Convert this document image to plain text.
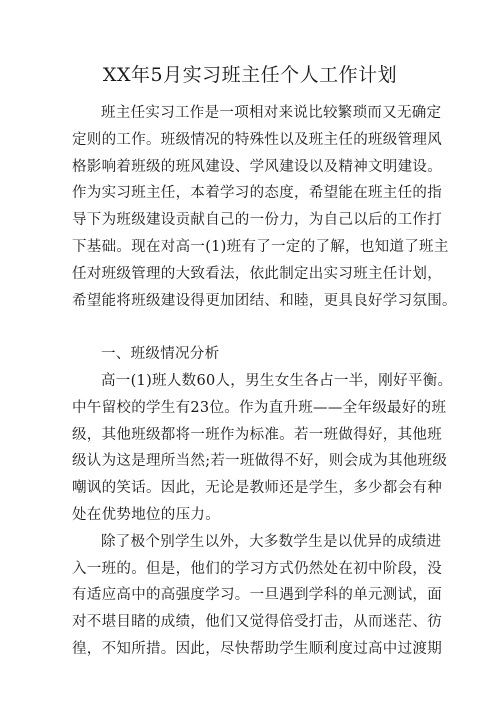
XX年5月实习班主任个人工作计划
班主任实习工作是一项相对来说比较繁琐而又无确定
定则的工作。班级情况的特殊性以及班主任的班级管理风
格影响着班级的班风建设、学风建设以及精神文明建设。
作为实习班主任，本着学习的态度，希望能在班主任的指
导下为班级建设贡献自己的一份力，为自己以后的工作打
下基础。现在对高一(1)班有了一定的了解，也知道了班主
任对班级管理的大致看法，依此制定出实习班主任计划，
希望能将班级建设得更加团结、和睦，更具良好学习氛围。
一、班级情况分析
高一(1)班人数60人，男生女生各占一半，刚好平衡。
中午留校的学生有23位。作为直升班——全年级最好的班
级，其他班级都将一班作为标准。若一班做得好，其他班
级认为这是理所当然;若一班做得不好，则会成为其他班级
嘲讽的笑话。因此，无论是教师还是学生，多少都会有种
处在优势地位的压力。
除了极个别学生以外，大多数学生是以优异的成绩进
入一班的。但是，他们的学习方式仍然处在初中阶段，没
有适应高中的高强度学习。一旦遇到学科的单元测试，面
对不堪目睹的成绩，他们又觉得倍受打击，从而迷茫、彷
徨，不知所措。因此，尽快帮助学生顺利度过高中过渡期
